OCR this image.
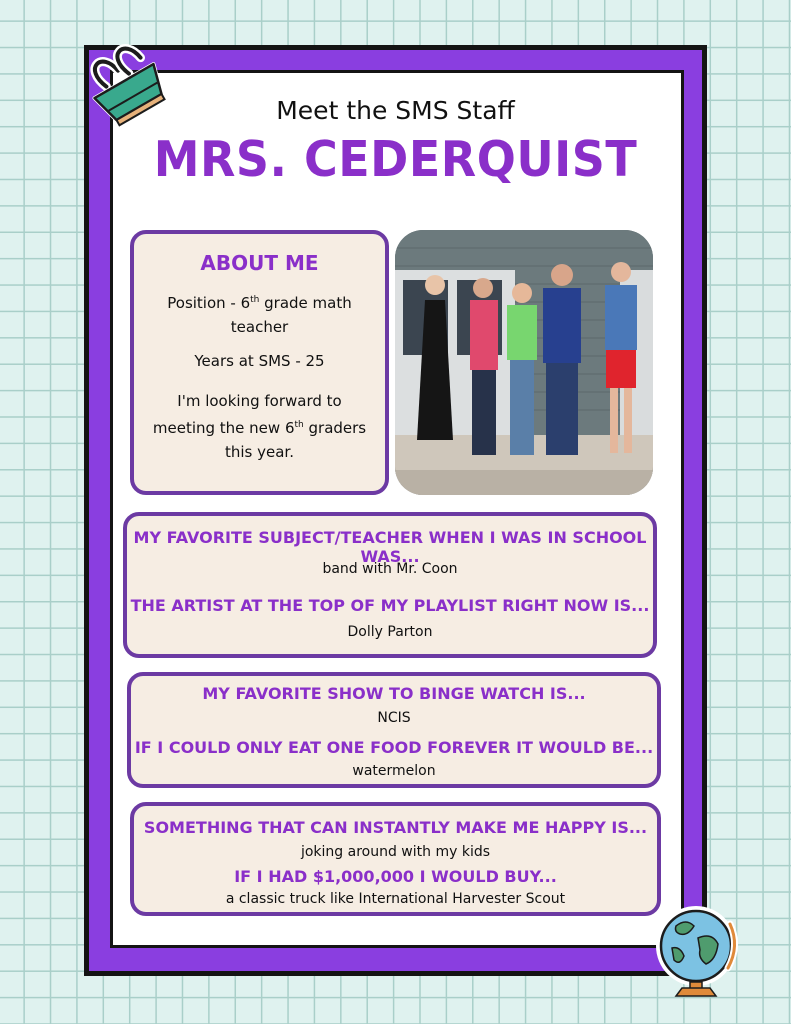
Meet the SMS Staff
MRS. CEDERQUIST
ABOUT ME
Position - 6th grade math teacher
Years at SMS - 25
I'm looking forward to meeting the new 6th graders this year.
MY FAVORITE SUBJECT/TEACHER WHEN I WAS IN SCHOOL WAS...
band with Mr. Coon
THE ARTIST AT THE TOP OF MY PLAYLIST RIGHT NOW IS...
Dolly Parton
MY FAVORITE SHOW TO BINGE WATCH IS...
NCIS
IF I COULD ONLY EAT ONE FOOD FOREVER IT WOULD BE...
watermelon
SOMETHING THAT CAN INSTANTLY MAKE ME HAPPY IS...
joking around with my kids
IF I HAD $1,000,000 I WOULD BUY...
a classic truck like International Harvester Scout
